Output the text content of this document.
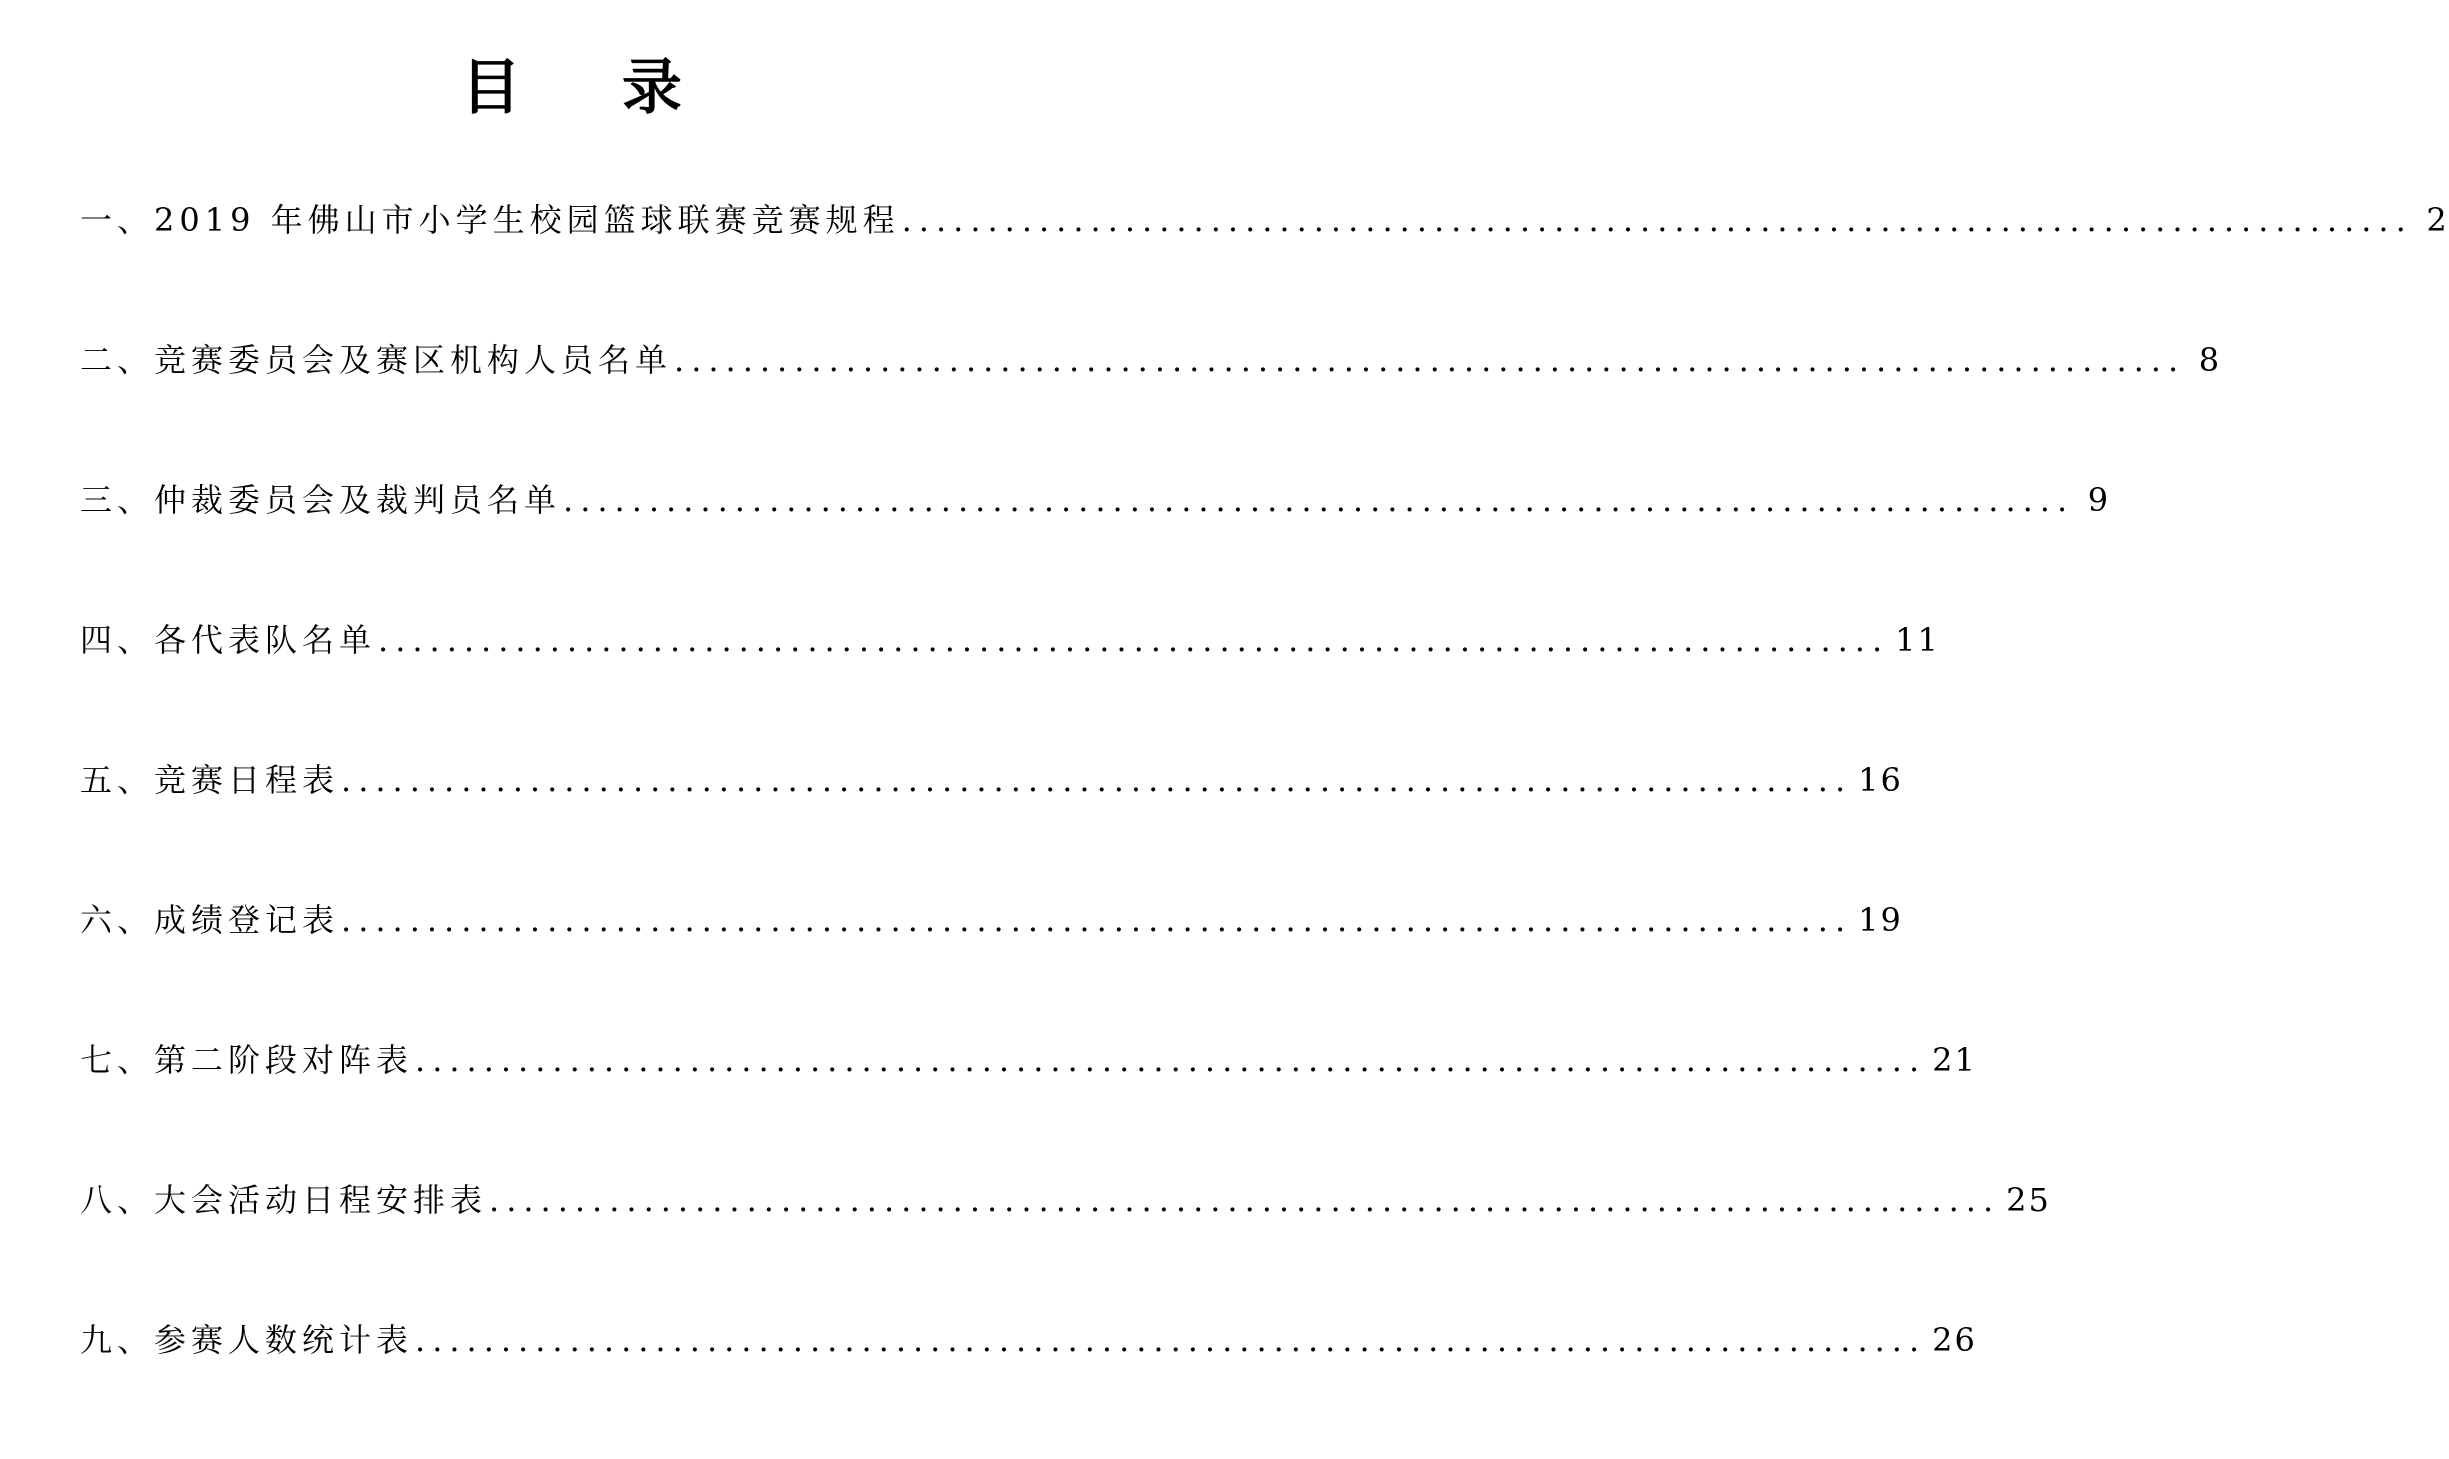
目 录
一、2019 年佛山市小学生校园篮球联赛竞赛规程 ........................................................................................ 2
二、竞赛委员会及赛区机构人员名单 ........................................................................................ 8
三、仲裁委员会及裁判员名单 ........................................................................................ 9
四、各代表队名单 ........................................................................................ 11
五、竞赛日程表 ........................................................................................ 16
六、成绩登记表 ........................................................................................ 19
七、第二阶段对阵表 ........................................................................................ 21
八、大会活动日程安排表 ........................................................................................ 25
九、参赛人数统计表 ........................................................................................ 26
